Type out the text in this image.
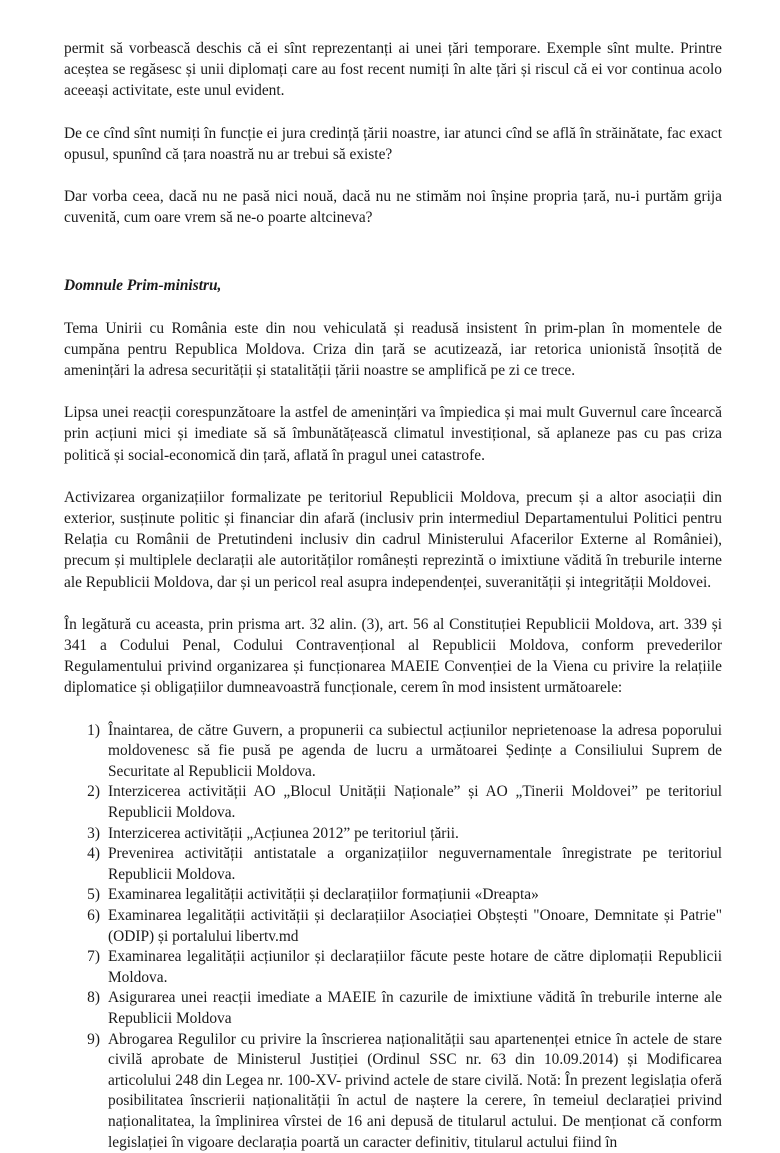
permit să vorbească deschis că ei sînt reprezentanți ai unei țări temporare. Exemple sînt multe. Printre aceștea se regăsesc și unii diplomați care au fost recent numiți în alte țări și riscul că ei vor continua acolo aceeași activitate, este unul evident.

De ce cînd sînt numiți în funcție ei jura credință țării noastre, iar atunci cînd se află în străinătate, fac exact opusul, spunînd că țara noastră nu ar trebui să existe?

Dar vorba ceea, dacă nu ne pasă nici nouă, dacă nu ne stimăm noi înșine propria țară, nu-i purtăm grija cuvenită, cum oare vrem să ne-o poarte altcineva?

Domnule Prim-ministru,

Tema Unirii cu România este din nou vehiculată și readusă insistent în prim-plan în momentele de cumpăna pentru Republica Moldova. Criza din țară se acutizează, iar retorica unionistă însoțită de amenințări la adresa securității și statalității țării noastre se amplifică pe zi ce trece.

Lipsa unei reacții corespunzătoare la astfel de amenințări va împiedica și mai mult Guvernul care încearcă prin acțiuni mici și imediate să să îmbunătățească climatul investițional, să aplaneze pas cu pas criza politică și social-economică din țară, aflată în pragul unei catastrofe.

Activizarea organizațiilor formalizate pe teritoriul Republicii Moldova, precum și a altor asociații din exterior, susținute politic și financiar din afară (inclusiv prin intermediul Departamentului Politici pentru Relația cu Românii de Pretutindeni inclusiv din cadrul Ministerului Afacerilor Externe al României), precum și multiplele declarații ale autorităților românești reprezintă o imixtiune vădită în treburile interne ale Republicii Moldova, dar și un pericol real asupra independenței, suveranității și integrității Moldovei.

În legătură cu aceasta, prin prisma art. 32 alin. (3), art. 56 al Constituției Republicii Moldova, art. 339 și 341 a Codului Penal, Codului Contravențional al Republicii Moldova, conform prevederilor Regulamentului privind organizarea și funcționarea MAEIE Convenției de la Viena cu privire la relațiile diplomatice și obligațiilor dumneavoastră funcționale, cerem în mod insistent următoarele:

1) Înaintarea, de către Guvern, a propunerii ca subiectul acțiunilor neprietenoase la adresa poporului moldovenesc să fie pusă pe agenda de lucru a următoarei Ședințe a Consiliului Suprem de Securitate al Republicii Moldova.
2) Interzicerea activității AO „Blocul Unității Naționale” și AO „Tinerii Moldovei” pe teritoriul Republicii Moldova.
3) Interzicerea activității „Acțiunea 2012” pe teritoriul țării.
4) Prevenirea activității antistatale a organizațiilor neguvernamentale înregistrate pe teritoriul Republicii Moldova.
5) Examinarea legalității activității și declarațiilor formațiunii «Dreapta»
6) Examinarea legalității activității și declarațiilor Asociației Obștești "Onoare, Demnitate și Patrie" (ODIP) și portalului libertv.md
7) Examinarea legalității acțiunilor și declarațiilor făcute peste hotare de către diplomații Republicii Moldova.
8) Asigurarea unei reacții imediate a MAEIE în cazurile de imixtiune vădită în treburile interne ale Republicii Moldova
9) Abrogarea Regulilor cu privire la înscrierea naționalității sau apartenenței etnice în actele de stare civilă aprobate de Ministerul Justiției (Ordinul SSC nr. 63 din 10.09.2014) și Modificarea articolului 248 din Legea nr. 100-XV- privind actele de stare civilă. Notă: În prezent legislația oferă posibilitatea înscrierii naționalității în actul de naștere la cerere, în temeiul declarației privind naționalitatea, la împlinirea vîrstei de 16 ani depusă de titularul actului. De menționat că conform legislației în vigoare declarația poartă un caracter definitiv, titularul actului fiind în
